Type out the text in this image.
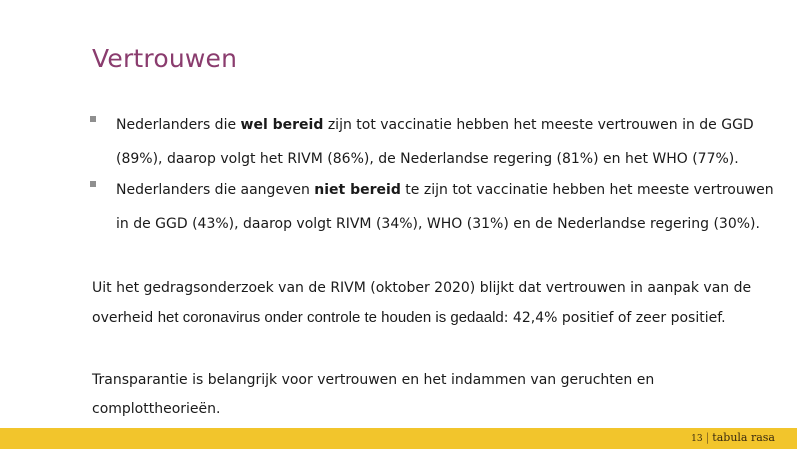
Vertrouwen
Nederlanders die wel bereid zijn tot vaccinatie hebben het meeste vertrouwen in de GGD (89%), daarop volgt het RIVM (86%), de Nederlandse regering (81%) en het WHO (77%).
Nederlanders die aangeven niet bereid te zijn tot vaccinatie hebben het meeste vertrouwen in de GGD (43%), daarop volgt RIVM (34%), WHO (31%) en de Nederlandse regering (30%).
Uit het gedragsonderzoek van de RIVM (oktober 2020) blijkt dat vertrouwen in aanpak van de overheid het coronavirus onder controle te houden is gedaald: 42,4% positief of zeer positief.
Transparantie is belangrijk voor vertrouwen en het indammen van geruchten en complottheorieën.
13 | tabula rasa
